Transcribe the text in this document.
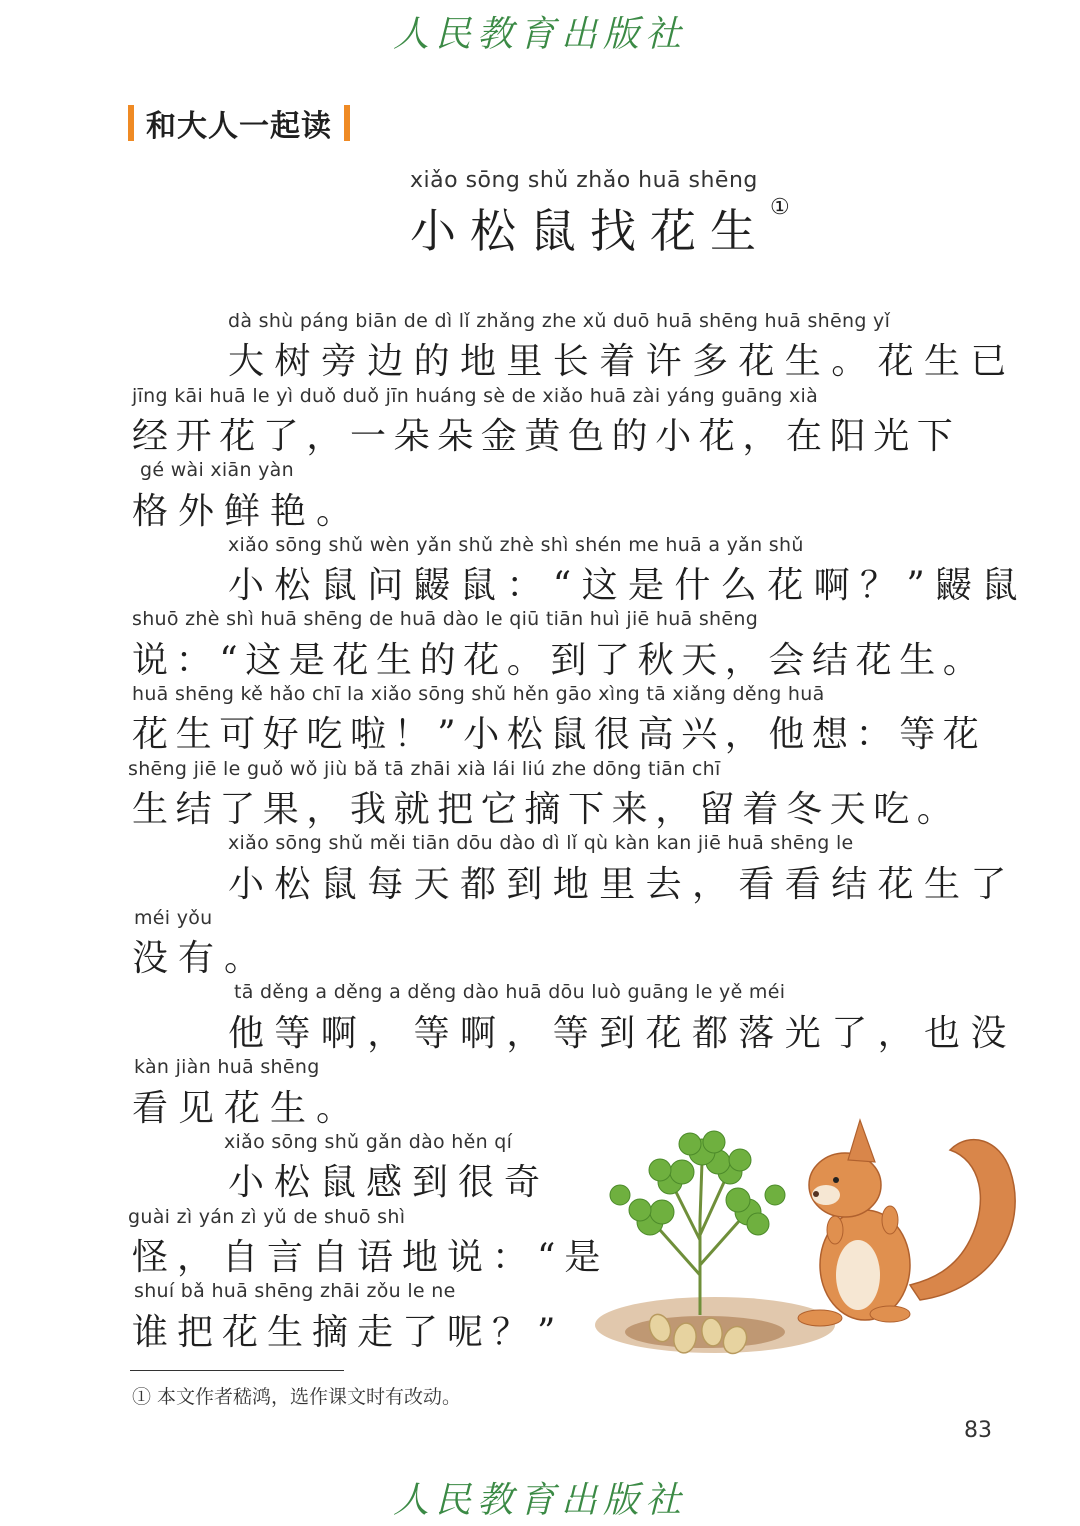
人民教育出版社
和大人一起读
xiǎo sōng shǔ zhǎo huā shēng
小松鼠找花生①
dà shù páng biān de dì lǐ zhǎng zhe xǔ duō huā shēng huā shēng yǐ
大树旁边的地里长着许多花生。花生已
jīng kāi huā le yì duǒ duǒ jīn huáng sè de xiǎo huā zài yáng guāng xià
经开花了，一朵朵金黄色的小花，在阳光下
gé wài xiān yàn
格外鲜艳。
xiǎo sōng shǔ wèn yǎn shǔ zhè shì shén me huā a yǎn shǔ
小松鼠问鼹鼠：“这是什么花啊？”鼹鼠
shuō zhè shì huā shēng de huā dào le qiū tiān huì jiē huā shēng
说：“这是花生的花。到了秋天，会结花生。
huā shēng kě hǎo chī la xiǎo sōng shǔ hěn gāo xìng tā xiǎng děng huā
花生可好吃啦！”小松鼠很高兴，他想：等花
shēng jiē le guǒ wǒ jiù bǎ tā zhāi xià lái liú zhe dōng tiān chī
生结了果，我就把它摘下来，留着冬天吃。
xiǎo sōng shǔ měi tiān dōu dào dì lǐ qù kàn kan jiē huā shēng le
小松鼠每天都到地里去，看看结花生了
méi yǒu
没有。
tā děng a děng a děng dào huā dōu luò guāng le yě méi
他等啊，等啊，等到花都落光了，也没
kàn jiàn huā shēng
看见花生。
xiǎo sōng shǔ gǎn dào hěn qí
小松鼠感到很奇
guài zì yán zì yǔ de shuō shì
怪，自言自语地说：“是
shuí bǎ huā shēng zhāi zǒu le ne
谁把花生摘走了呢？”
① 本文作者嵇鸿，选作课文时有改动。
83
人民教育出版社
